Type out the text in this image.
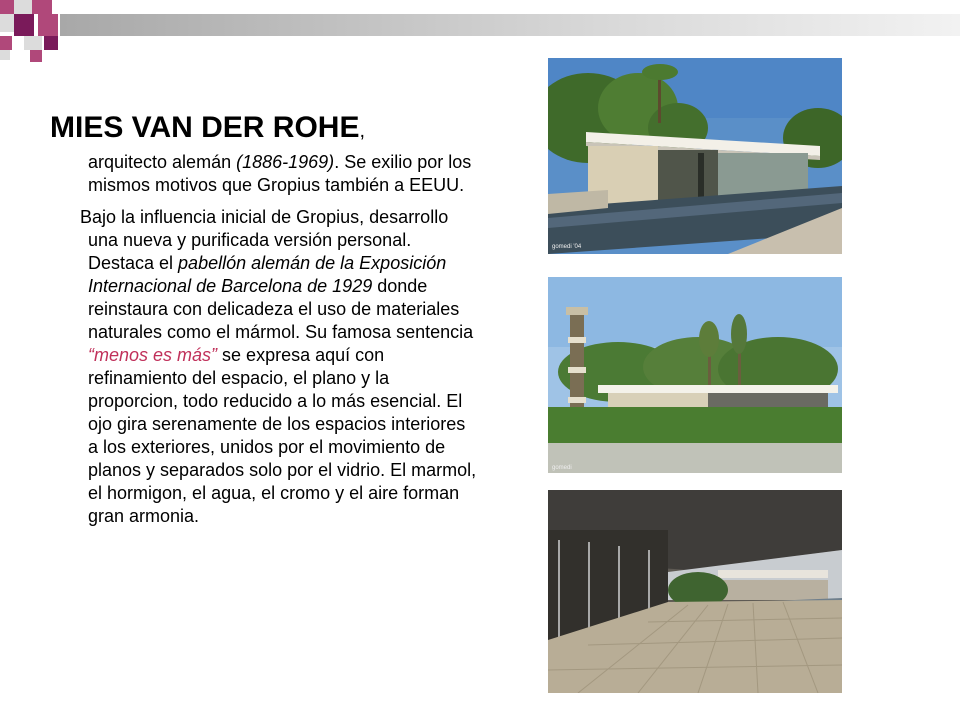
MIES VAN DER ROHE,

arquitecto alemán (1886-1969). Se exilio por los mismos motivos que Gropius también a EEUU.

Bajo la influencia inicial de Gropius, desarrollo una nueva y purificada versión personal. Destaca el pabellón alemán de la Exposición Internacional de Barcelona de 1929 donde reinstaura con delicadeza el uso de materiales naturales como el mármol. Su famosa sentencia “menos es más” se expresa aquí con refinamiento del espacio, el plano y la proporcion, todo reducido a lo más esencial. El ojo gira serenamente de los espacios interiores a los exteriores, unidos por el movimiento de planos y separados solo por el vidrio. El marmol, el hormigon, el agua, el cromo y el aire forman gran armonia.

gomedi '04
gomedi
